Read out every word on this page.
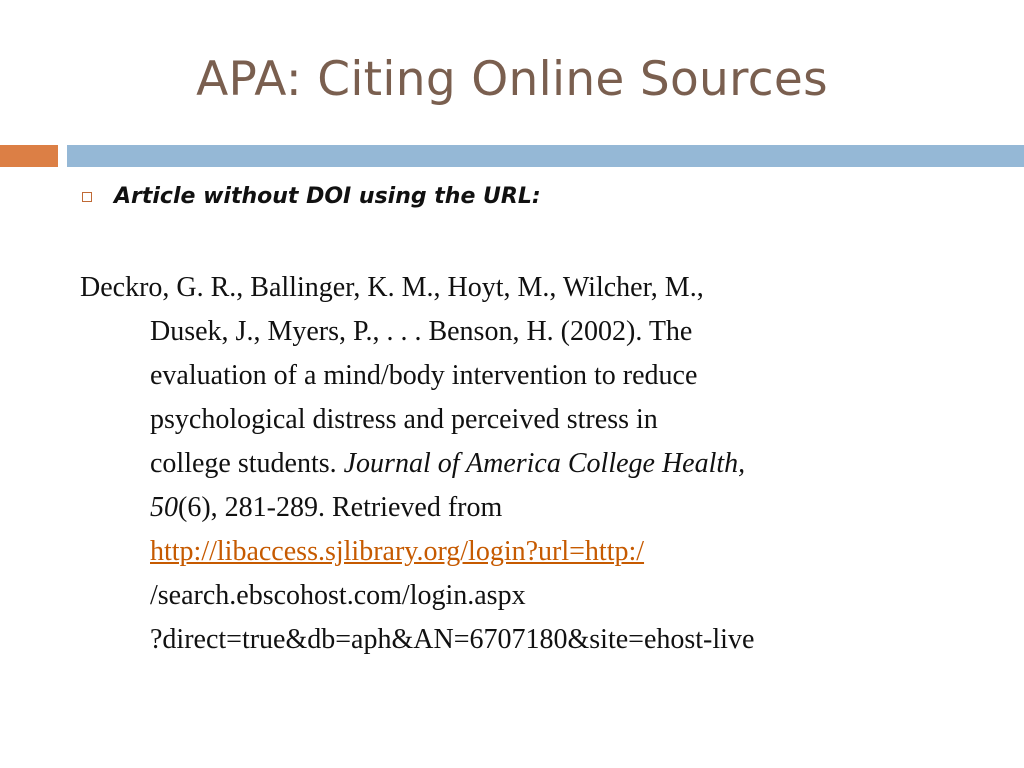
APA: Citing Online Sources
Article without DOI using the URL:
Deckro, G. R., Ballinger, K. M., Hoyt, M., Wilcher, M.,
Dusek, J., Myers, P., . . . Benson, H. (2002). The
evaluation of a mind/body intervention to reduce
psychological distress and perceived stress in
college students. Journal of America College Health,
50(6), 281-289. Retrieved from
http://libaccess.sjlibrary.org/login?url=http:/
/search.ebscohost.com/login.aspx
?direct=true&db=aph&AN=6707180&site=ehost-live
